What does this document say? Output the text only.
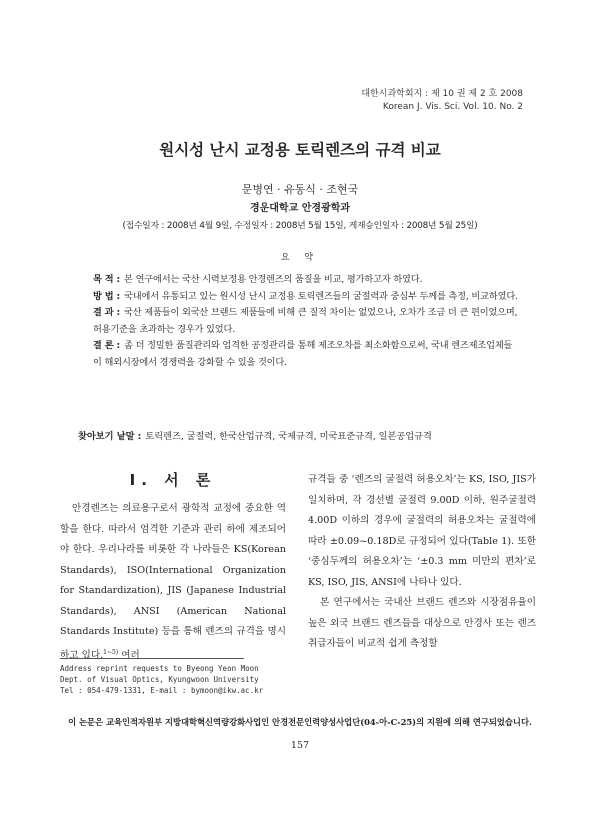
대한시과학회지 : 제 10 권 제 2 호 2008
Korean J. Vis. Sci. Vol. 10. No. 2
원시성 난시 교정용 토릭렌즈의 규격 비교
문병연 · 유동식 · 조현국
경운대학교 안경광학과
(접수일자 : 2008년 4월 9일, 수정일자 : 2008년 5월 15일, 게재승인일자 : 2008년 5월 25일)
요 약

목 적 : 본 연구에서는 국산 시력보정용 안경렌즈의 품질을 비교, 평가하고자 하였다.

방 법 : 국내에서 유통되고 있는 원시성 난시 교정용 토릭렌즈들의 굴절력과 중심부 두께를 측정, 비교하였다.

결 과 : 국산 제품들이 외국산 브랜드 제품들에 비해 큰 질적 차이는 없었으나, 오차가 조금 더 큰 편이었으며, 허용기준을 초과하는 경우가 있었다.

결 론 : 좀 더 정밀한 품질관리와 엄격한 공정관리를 통해 제조오차를 최소화함으로써, 국내 렌즈제조업체들이 해외시장에서 경쟁력을 강화할 수 있을 것이다.

찾아보기 낱말 : 토릭렌즈, 굴절력, 한국산업규격, 국제규격, 미국표준규격, 일본공업규격
I. 서 론

안경렌즈는 의료용구로서 광학적 교정에 중요한 역할을 한다. 따라서 엄격한 기준과 관리 하에 제조되어야 한다. 우리나라를 비롯한 각 나라들은 KS(Korean Standards), ISO(International Organization for Standardization), JIS (Japanese Industrial Standards), ANSI (American National Standards Institute) 등을 통해 렌즈의 규격을 명시하고 있다.$^{1\sim 5)}$ 여러

규격들 중 ‘렌즈의 굴절력 허용오차’는 KS, ISO, JIS가 일치하며, 각 경선별 굴절력 9.00D 이하, 원주굴절력 4.00D 이하의 경우에 굴절력의 허용오차는 굴절력에 따라 ±0.09~0.18D로 규정되어 있다(Table 1). 또한 ‘중심두께의 허용오차’는 ‘±0.3 mm 미만의 편차’로 KS, ISO, JIS, ANSI에 나타나 있다.

본 연구에서는 국내산 브랜드 렌즈와 시장점유율이 높은 외국 브랜드 렌즈들을 대상으로 안경사 또는 렌즈 취급자들이 비교적 쉽게 측정할

Address reprint requests to Byeong Yeon Moon
Dept. of Visual Optics, Kyungwoon University
Tel : 054-479-1331, E-mail : bymoon@ikw.ac.kr
이 논문은 교육인적자원부 지방대학혁신역량강화사업인 안경전문인력양성사업단(04-아-C-25)의 지원에 의해 연구되었습니다.
157
